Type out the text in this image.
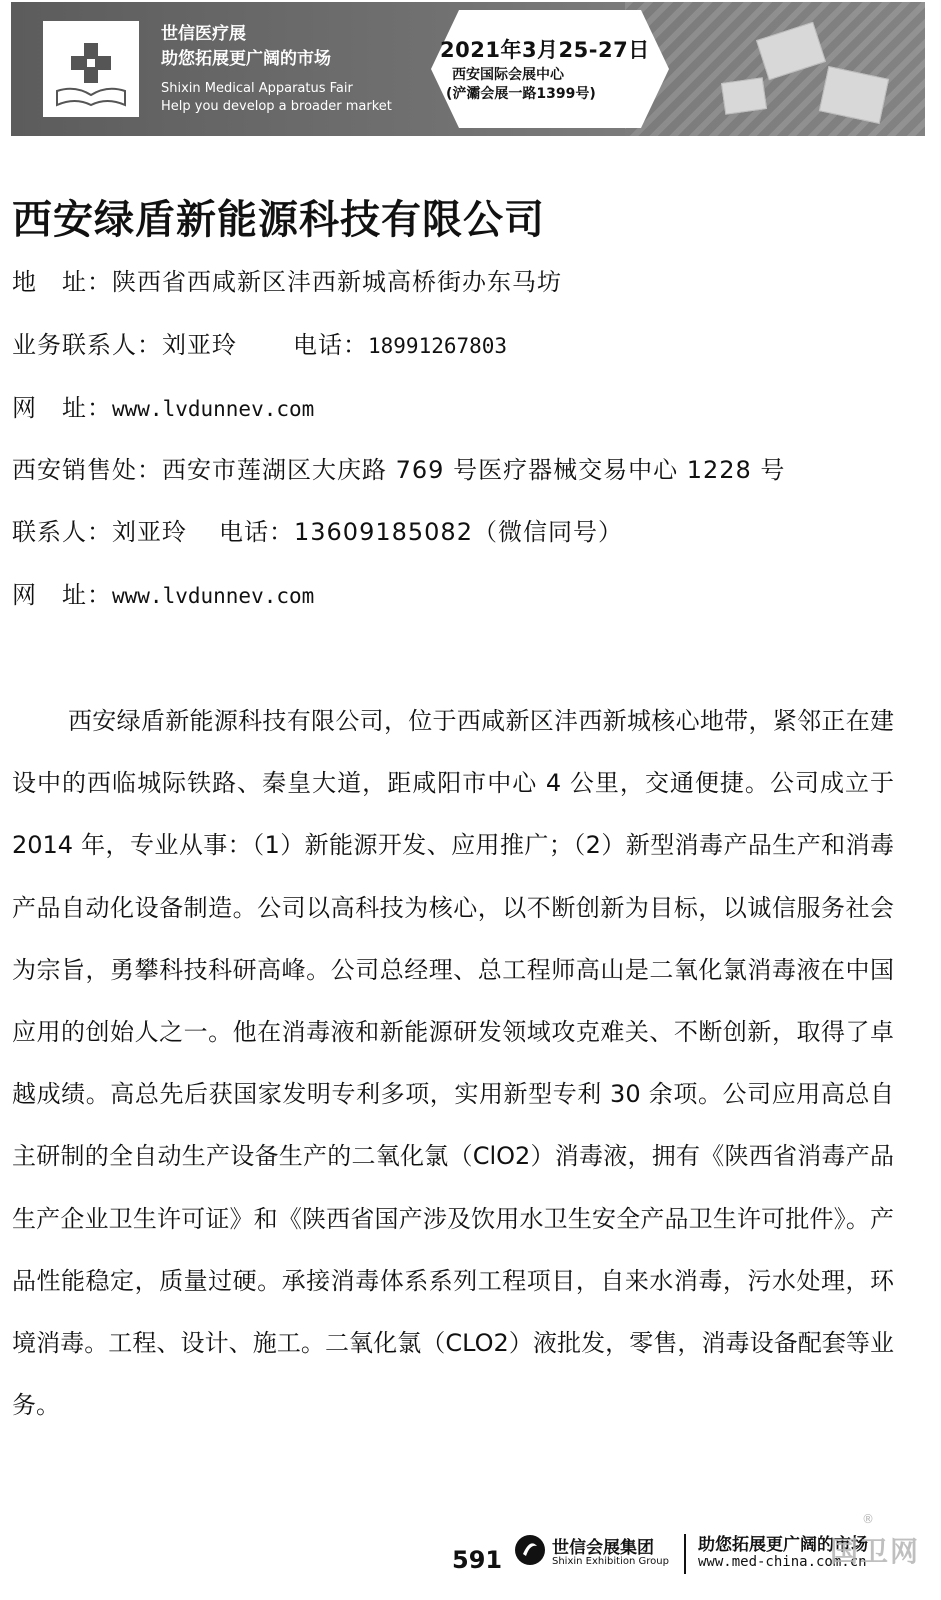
世信医疗展
助您拓展更广阔的市场
Shixin Medical Apparatus Fair
Help you develop a broader market
2021年3月25-27日
西安国际会展中心
(浐灞会展一路1399号)
西安绿盾新能源科技有限公司
地　址：陕西省西咸新区沣西新城高桥街办东马坊
业务联系人：刘亚玲 电话：18991267803
网　址：www.lvdunnev.com
西安销售处：西安市莲湖区大庆路 769 号医疗器械交易中心 1228 号
联系人：刘亚玲 电话：13609185082（微信同号）
网　址：www.lvdunnev.com

西安绿盾新能源科技有限公司，位于西咸新区沣西新城核心地带，紧邻正在建设中的西临城际铁路、秦皇大道，距咸阳市中心 4 公里，交通便捷。公司成立于 2014 年，专业从事：（1）新能源开发、应用推广；（2）新型消毒产品生产和消毒产品自动化设备制造。公司以高科技为核心，以不断创新为目标，以诚信服务社会为宗旨，勇攀科技科研高峰。公司总经理、总工程师高山是二氧化氯消毒液在中国应用的创始人之一。他在消毒液和新能源研发领域攻克难关、不断创新，取得了卓越成绩。高总先后获国家发明专利多项，实用新型专利 30 余项。公司应用高总自主研制的全自动生产设备生产的二氧化氯（ClO2）消毒液，拥有《陕西省消毒产品生产企业卫生许可证》和《陕西省国产涉及饮用水卫生安全产品卫生许可批件》。产品性能稳定，质量过硬。承接消毒体系系列工程项目，自来水消毒，污水处理，环境消毒。工程、设计、施工。二氧化氯（CLO2）液批发，零售，消毒设备配套等业务。

591	世信会展集团
Shixin Exhibition Group
助您拓展更广阔的市场
www.med-china.com.cn
®
国卫网
